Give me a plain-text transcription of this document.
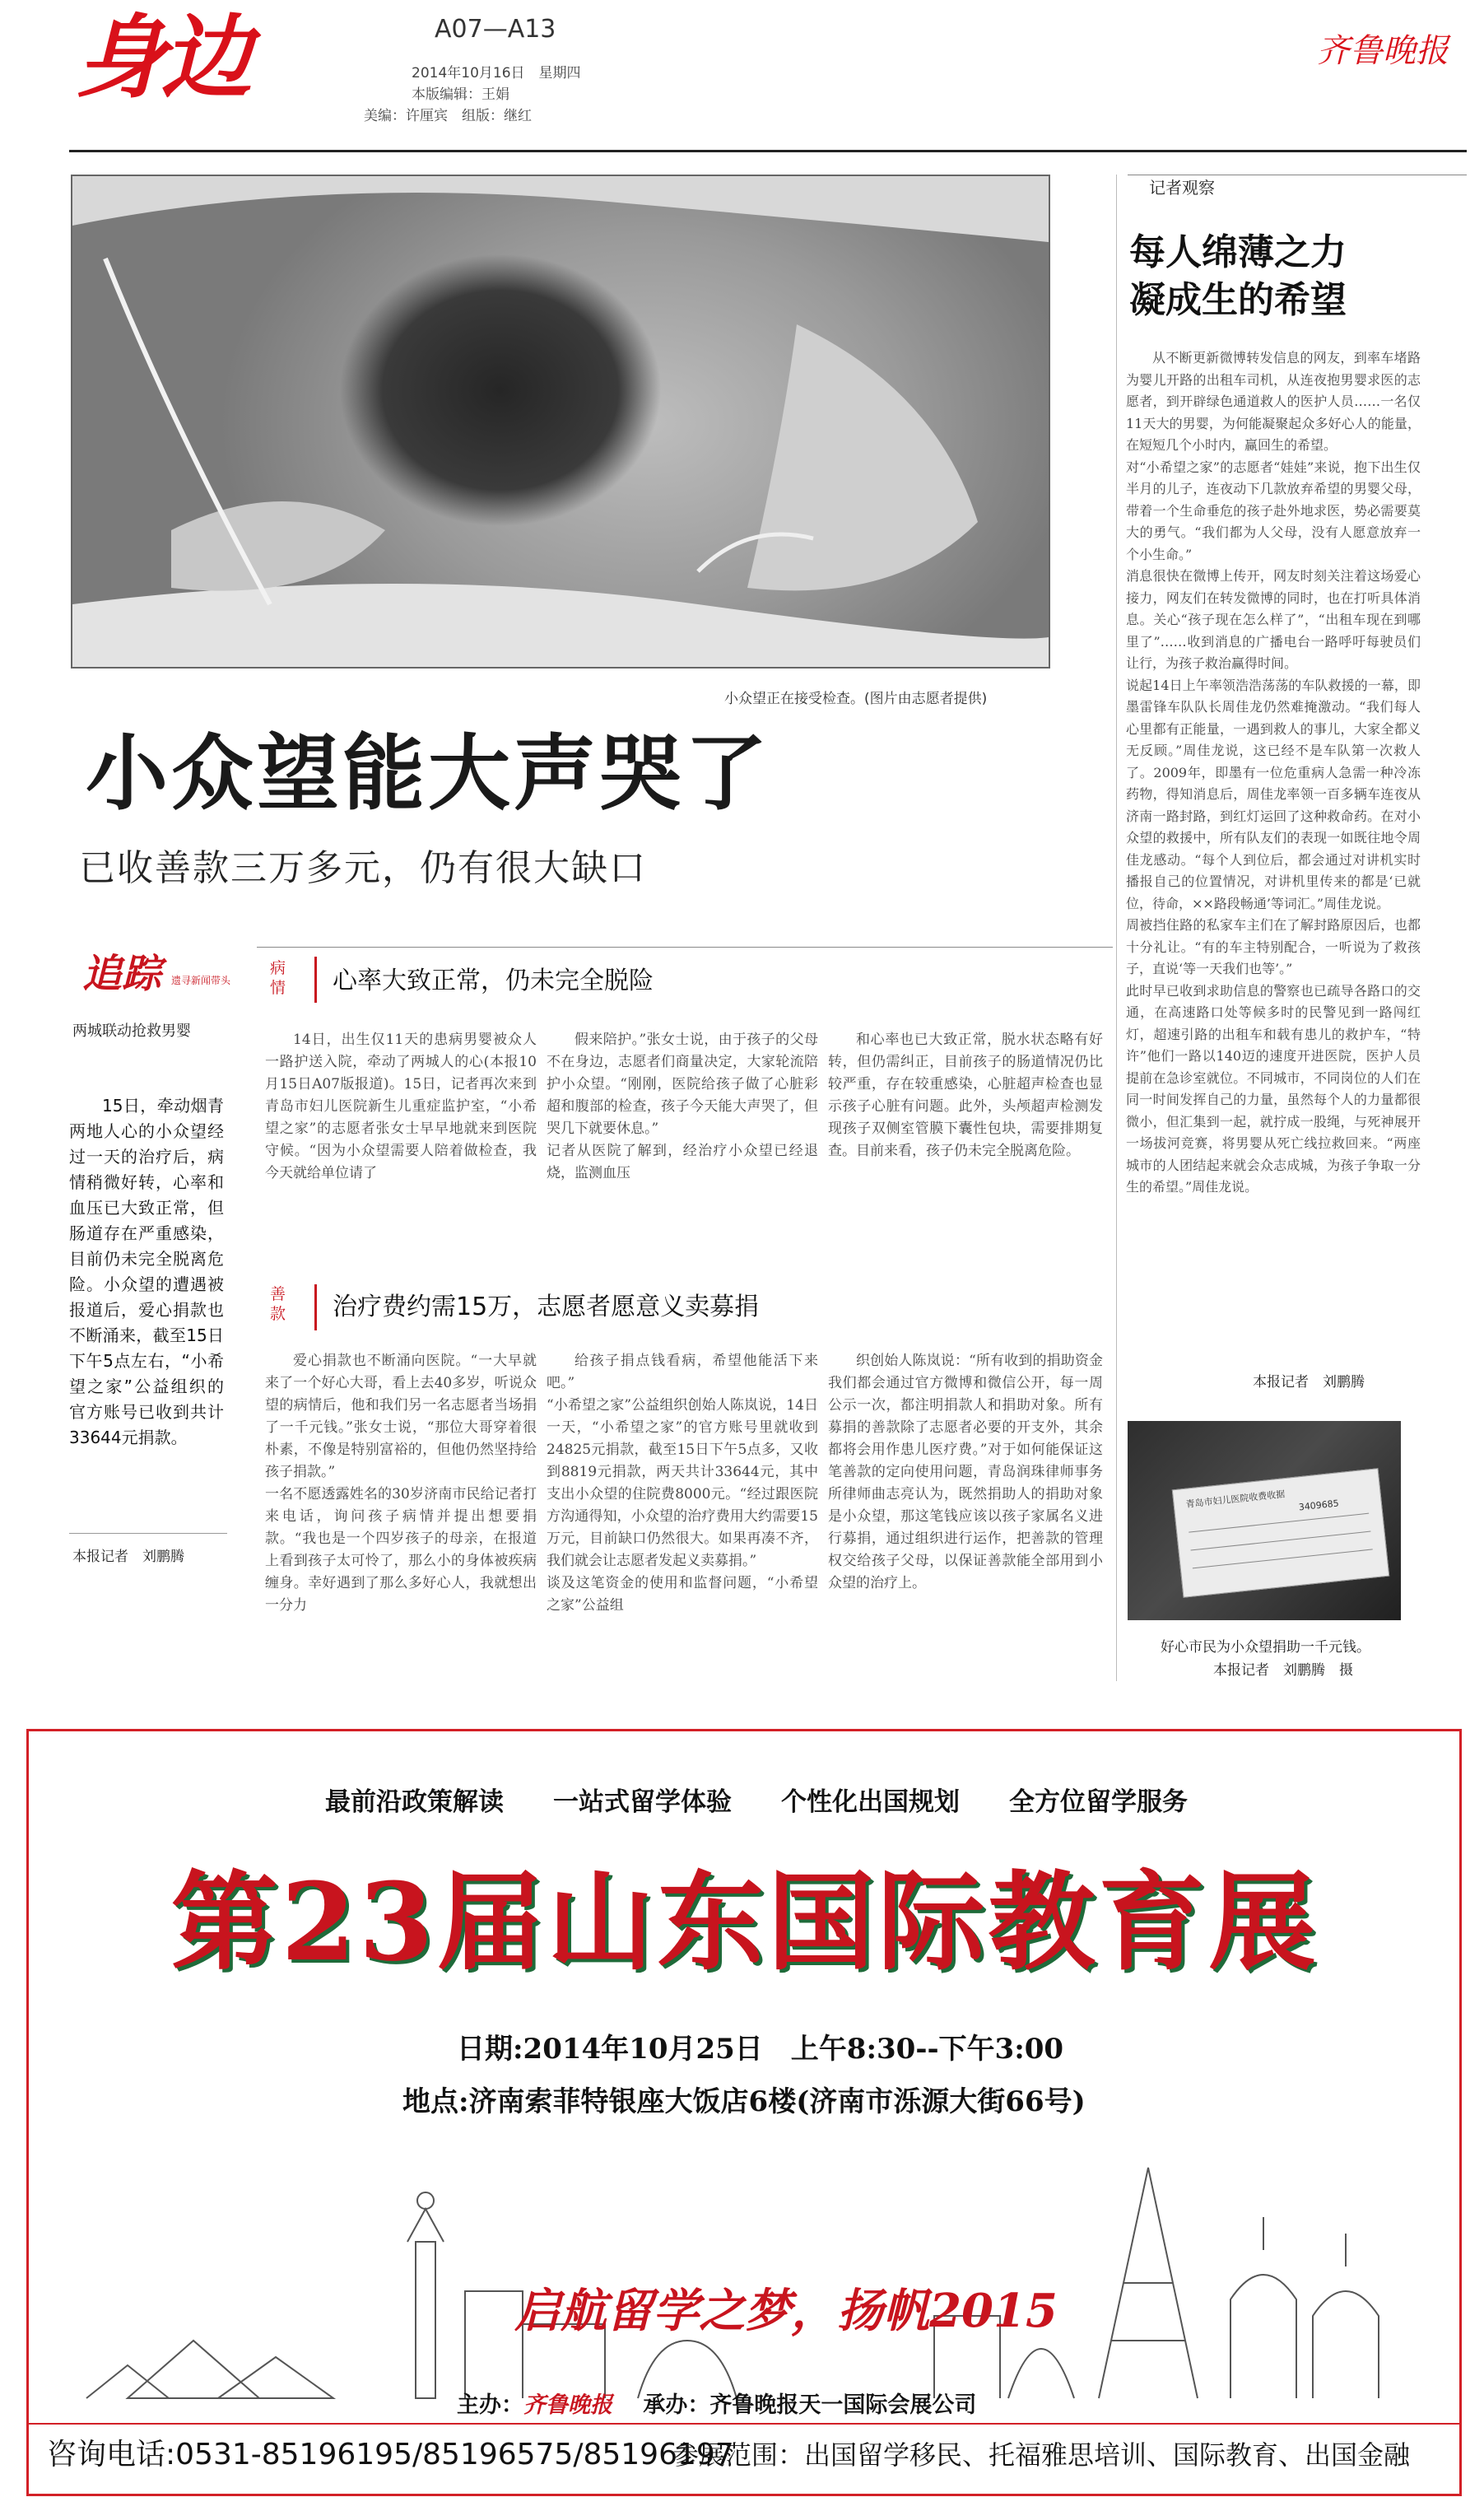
身边	A07—A13
2014年10月16日　星期四
本版编辑：王娟
美编：许厘宾　组版：继红
齐鲁晚报
小众望正在接受检查。(图片由志愿者提供)
小众望能大声哭了
已收善款三万多元，仍有很大缺口
追踪 遗寻新闻带头
两城联动抢救男婴
15日，牵动烟青两地人心的小众望经过一天的治疗后，病情稍微好转，心率和血压已大致正常，但肠道存在严重感染，目前仍未完全脱离危险。小众望的遭遇被报道后，爱心捐款也不断涌来，截至15日下午5点左右，“小希望之家”公益组织的官方账号已收到共计33644元捐款。
本报记者　刘鹏腾
病情 心率大致正常，仍未完全脱险
14日，出生仅11天的患病男婴被众人一路护送入院，牵动了两城人的心(本报10月15日A07版报道)。15日，记者再次来到青岛市妇儿医院新生儿重症监护室，“小希望之家”的志愿者张女士早早地就来到医院守候。“因为小众望需要人陪着做检查，我今天就给单位请了
假来陪护。”张女士说，由于孩子的父母不在身边，志愿者们商量决定，大家轮流陪护小众望。“刚刚，医院给孩子做了心脏彩超和腹部的检查，孩子今天能大声哭了，但哭几下就要休息。”
记者从医院了解到，经治疗小众望已经退烧，监测血压
和心率也已大致正常，脱水状态略有好转，但仍需纠正，目前孩子的肠道情况仍比较严重，存在较重感染，心脏超声检查也显示孩子心脏有问题。此外，头颅超声检测发现孩子双侧室管膜下囊性包块，需要排期复查。目前来看，孩子仍未完全脱离危险。
善款 治疗费约需15万，志愿者愿意义卖募捐
爱心捐款也不断涌向医院。“一大早就来了一个好心大哥，看上去40多岁，听说众望的病情后，他和我们另一名志愿者当场捐了一千元钱。”张女士说，“那位大哥穿着很朴素，不像是特别富裕的，但他仍然坚持给孩子捐款。”
一名不愿透露姓名的30岁济南市民给记者打来电话，询问孩子病情并提出想要捐款。“我也是一个四岁孩子的母亲，在报道上看到孩子太可怜了，那么小的身体被疾病缠身。幸好遇到了那么多好心人，我就想出一分力
给孩子捐点钱看病，希望他能活下来吧。”
“小希望之家”公益组织创始人陈岚说，14日一天，“小希望之家”的官方账号里就收到24825元捐款，截至15日下午5点多，又收到8819元捐款，两天共计33644元，其中支出小众望的住院费8000元。“经过跟医院方沟通得知，小众望的治疗费用大约需要15万元，目前缺口仍然很大。如果再凑不齐，我们就会让志愿者发起义卖募捐。”
谈及这笔资金的使用和监督问题，“小希望之家”公益组
织创始人陈岚说：“所有收到的捐助资金我们都会通过官方微博和微信公开，每一周公示一次，都注明捐款人和捐助对象。所有募捐的善款除了志愿者必要的开支外，其余都将会用作患儿医疗费。”对于如何能保证这笔善款的定向使用问题，青岛润珠律师事务所律师曲志亮认为，既然捐助人的捐助对象是小众望，那这笔钱应该以孩子家属名义进行募捐，通过组织进行运作，把善款的管理权交给孩子父母，以保证善款能全部用到小众望的治疗上。
记者观察
每人绵薄之力
凝成生的希望
从不断更新微博转发信息的网友，到率车堵路为婴儿开路的出租车司机，从连夜抱男婴求医的志愿者，到开辟绿色通道救人的医护人员……一名仅11天大的男婴，为何能凝聚起众多好心人的能量，在短短几个小时内，赢回生的希望。
对“小希望之家”的志愿者“娃娃”来说，抱下出生仅半月的儿子，连夜动下几款放弃希望的男婴父母，带着一个生命垂危的孩子赴外地求医，势必需要莫大的勇气。“我们都为人父母，没有人愿意放弃一个小生命。”
消息很快在微博上传开，网友时刻关注着这场爱心接力，网友们在转发微博的同时，也在打听具体消息。关心“孩子现在怎么样了”，“出租车现在到哪里了”……收到消息的广播电台一路呼吁每驶员们让行，为孩子救治赢得时间。
说起14日上午率领浩浩荡荡的车队救援的一幕，即墨雷锋车队队长周佳龙仍然难掩激动。“我们每人心里都有正能量，一遇到救人的事儿，大家全都义无反顾。”周佳龙说，这已经不是车队第一次救人了。2009年，即墨有一位危重病人急需一种冷冻药物，得知消息后，周佳龙率领一百多辆车连夜从济南一路封路，到红灯运回了这种救命药。在对小众望的救援中，所有队友们的表现一如既往地令周佳龙感动。“每个人到位后，都会通过对讲机实时播报自己的位置情况，对讲机里传来的都是‘已就位，待命，××路段畅通’等词汇。”周佳龙说。
周被挡住路的私家车主们在了解封路原因后，也都十分礼让。“有的车主特别配合，一听说为了救孩子，直说‘等一天我们也等’。”
此时早已收到求助信息的警察也已疏导各路口的交通，在高速路口处等候多时的民警见到一路闯红灯，超速引路的出租车和载有患儿的救护车，“特许”他们一路以140迈的速度开进医院，医护人员提前在急诊室就位。不同城市，不同岗位的人们在同一时间发挥自己的力量，虽然每个人的力量都很微小，但汇集到一起，就拧成一股绳，与死神展开一场拔河竞赛，将男婴从死亡线拉救回来。“两座城市的人团结起来就会众志成城，为孩子争取一分生的希望。”周佳龙说。
本报记者　刘鹏腾
青岛市妇儿医院收费收据 3409685
好心市民为小众望捐助一千元钱。
本报记者　刘鹏腾　摄
最前沿政策解读 一站式留学体验 个性化出国规划 全方位留学服务
第23届山东国际教育展
日期:2014年10月25日　上午8:30--下午3:00
地点:济南索菲特银座大饭店6楼(济南市泺源大街66号)
启航留学之梦，扬帆2015
主办：齐鲁晚报 承办：齐鲁晚报天一国际会展公司
咨询电话:0531-85196195/85196575/85196197
参展范围：出国留学移民、托福雅思培训、国际教育、出国金融
